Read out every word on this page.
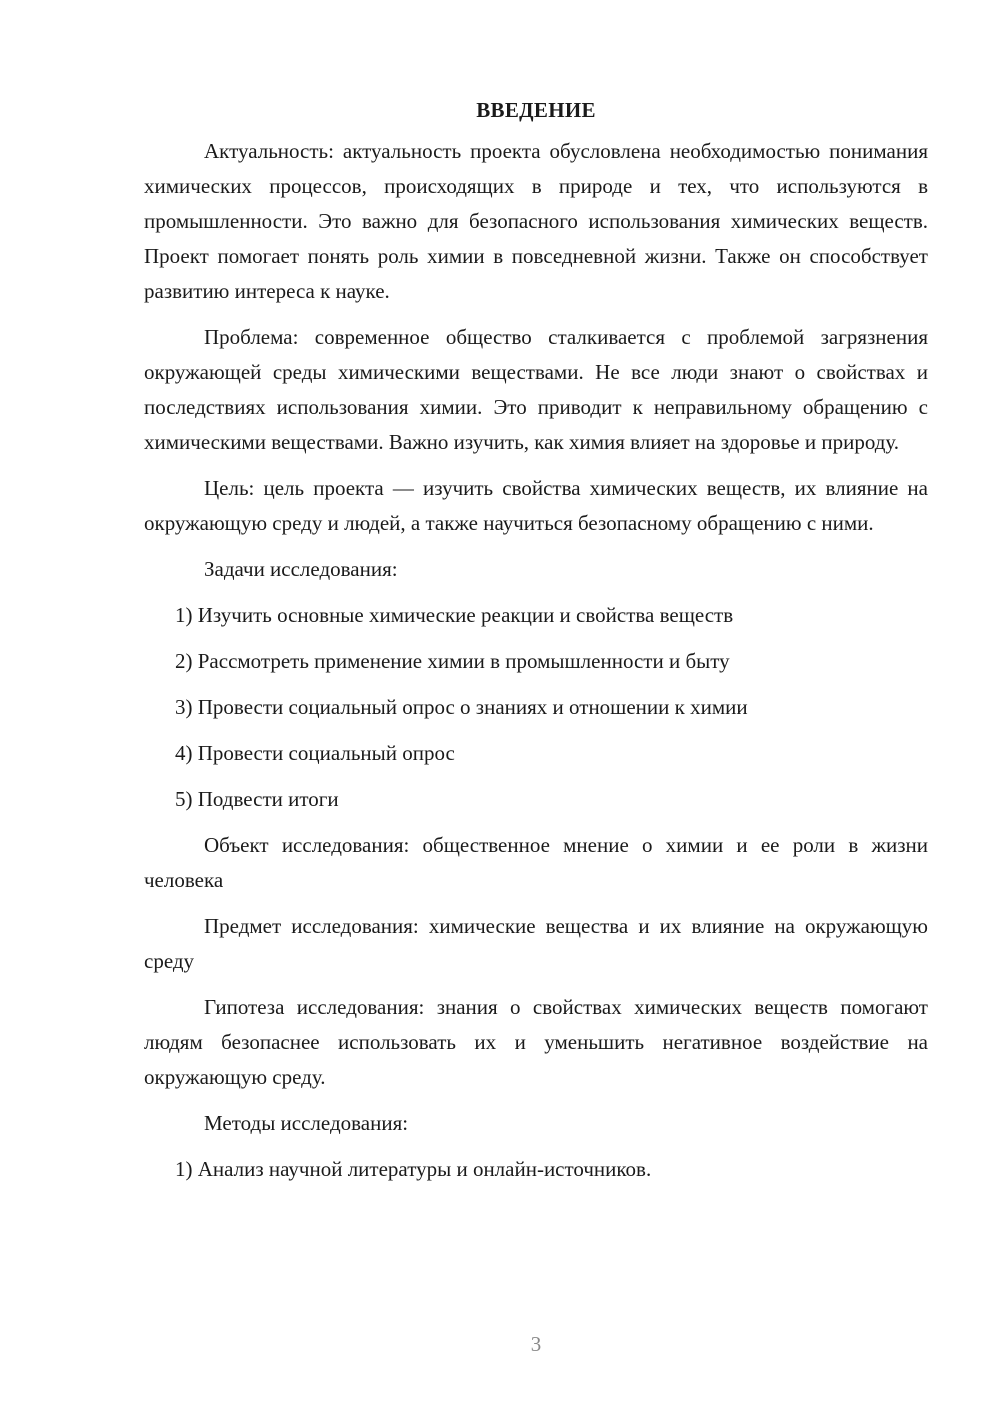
ВВЕДЕНИЕ

Актуальность: актуальность проекта обусловлена необходимостью понимания химических процессов, происходящих в природе и тех, что используются в промышленности. Это важно для безопасного использования химических веществ. Проект помогает понять роль химии в повседневной жизни. Также он способствует развитию интереса к науке.

Проблема: современное общество сталкивается с проблемой загрязнения окружающей среды химическими веществами. Не все люди знают о свойствах и последствиях использования химии. Это приводит к неправильному обращению с химическими веществами. Важно изучить, как химия влияет на здоровье и природу.

Цель: цель проекта — изучить свойства химических веществ, их влияние на окружающую среду и людей, а также научиться безопасному обращению с ними.

Задачи исследования:

1) Изучить основные химические реакции и свойства веществ
2) Рассмотреть применение химии в промышленности и быту
3) Провести социальный опрос о знаниях и отношении к химии
4) Провести социальный опрос
5) Подвести итоги

Объект исследования: общественное мнение о химии и ее роли в жизни человека

Предмет исследования: химические вещества и их влияние на окружающую среду

Гипотеза исследования: знания о свойствах химических веществ помогают людям безопаснее использовать их и уменьшить негативное воздействие на окружающую среду.

Методы исследования:

1) Анализ научной литературы и онлайн-источников.
3
